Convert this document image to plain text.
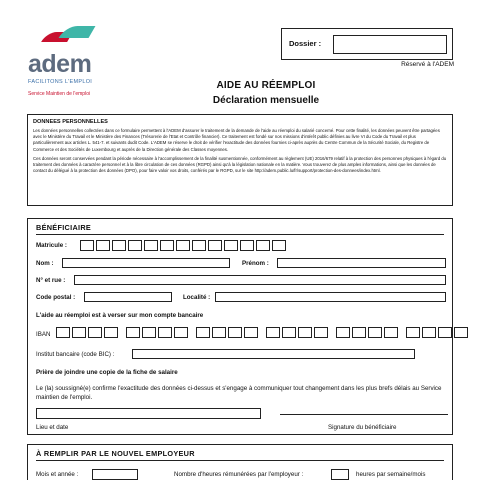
adem
FACILITONS L'EMPLOI
Service Maintien de l'emploi
Dossier :
Réservé à l'ADEM
AIDE AU RÉEMPLOI
Déclaration mensuelle
DONNEES PERSONNELLES
Les données personnelles collectées dans ce formulaire permettent à l'ADEM d'assurer le traitement de la demande de l'aide au réemploi du salarié concerné. Pour cette finalité, les données peuvent être partagées avec le Ministère du Travail et le Ministère des Finances (Trésorerie de l'Etat et Contrôle financier). Ce traitement est fondé sur nos missions d'intérêt public définies au livre VI du Code du Travail et plus particulièrement aux articles L. 541-7. et suivants dudit Code. L'ADEM se réserve le droit de vérifier l'exactitude des données fournies ci-après auprès du Centre Commun de la Sécurité Sociale, du Registre de Commerce et des Sociétés de Luxembourg et auprès de la Direction générale des Classes moyennes.
Ces données seront conservées pendant la période nécessaire à l'accomplissement de la finalité susmentionnée, conformément au règlement (UE) 2016/679 relatif à la protection des personnes physiques à l'égard du traitement des données à caractère personnel et à la libre circulation de ces données (RGPD) ainsi qu'à la législation nationale en la matière. Vous trouverez de plus amples informations, ainsi que les données de contact du délégué à la protection des données (DPO), pour faire valoir vos droits, conférés par le RGPD, sur le site http://adem.public.lu/fr/support/protection-des-donnees/index.html.
BÉNÉFICIAIRE
Matricule :
Nom :	Prénom :
N° et rue :
Code postal :	Localité :
L'aide au réemploi est à verser sur mon compte bancaire
IBAN
Institut bancaire (code BIC) :
Prière de joindre une copie de la fiche de salaire
Le (la) soussigné(e) confirme l'exactitude des données ci-dessus et s'engage à communiquer tout changement dans les plus brefs délais au Service maintien de l'emploi.
Lieu et date	Signature du bénéficiaire
À REMPLIR PAR LE NOUVEL EMPLOYEUR
Mois et année :	Nombre d'heures rémunérées par l'employeur :	heures par semaine/mois
